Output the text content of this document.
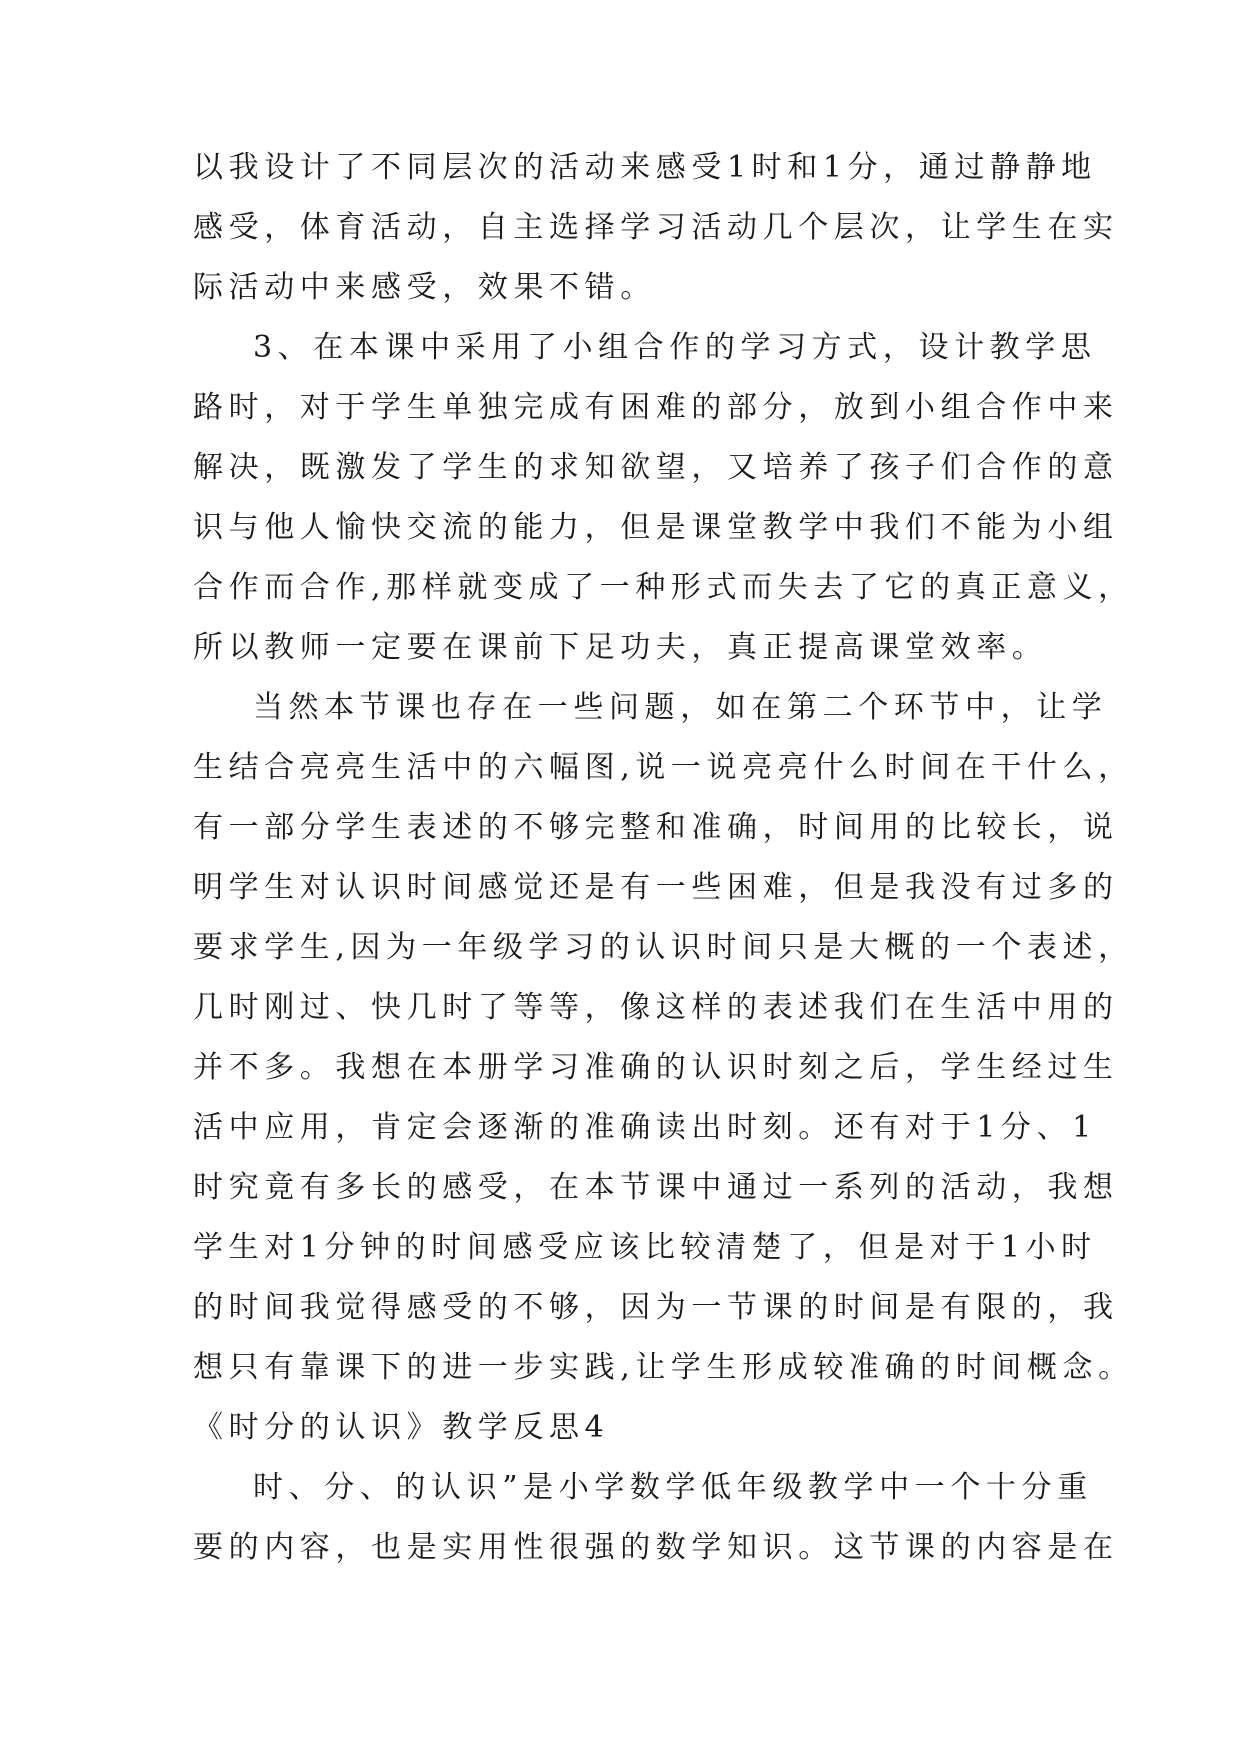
以我设计了不同层次的活动来感受1时和1分，通过静静地
感受，体育活动，自主选择学习活动几个层次，让学生在实
际活动中来感受，效果不错。
3、在本课中采用了小组合作的学习方式，设计教学思
路时，对于学生单独完成有困难的部分，放到小组合作中来
解决，既激发了学生的求知欲望，又培养了孩子们合作的意
识与他人愉快交流的能力，但是课堂教学中我们不能为小组
合作而合作,那样就变成了一种形式而失去了它的真正意义，
所以教师一定要在课前下足功夫，真正提高课堂效率。
当然本节课也存在一些问题，如在第二个环节中，让学
生结合亮亮生活中的六幅图,说一说亮亮什么时间在干什么，
有一部分学生表述的不够完整和准确，时间用的比较长，说
明学生对认识时间感觉还是有一些困难，但是我没有过多的
要求学生,因为一年级学习的认识时间只是大概的一个表述，
几时刚过、快几时了等等，像这样的表述我们在生活中用的
并不多。我想在本册学习准确的认识时刻之后，学生经过生
活中应用，肯定会逐渐的准确读出时刻。还有对于1分、1
时究竟有多长的感受，在本节课中通过一系列的活动，我想
学生对1分钟的时间感受应该比较清楚了，但是对于1小时
的时间我觉得感受的不够，因为一节课的时间是有限的，我
想只有靠课下的进一步实践,让学生形成较准确的时间概念。
《时分的认识》教学反思4
时、分、的认识”是小学数学低年级教学中一个十分重
要的内容，也是实用性很强的数学知识。这节课的内容是在
